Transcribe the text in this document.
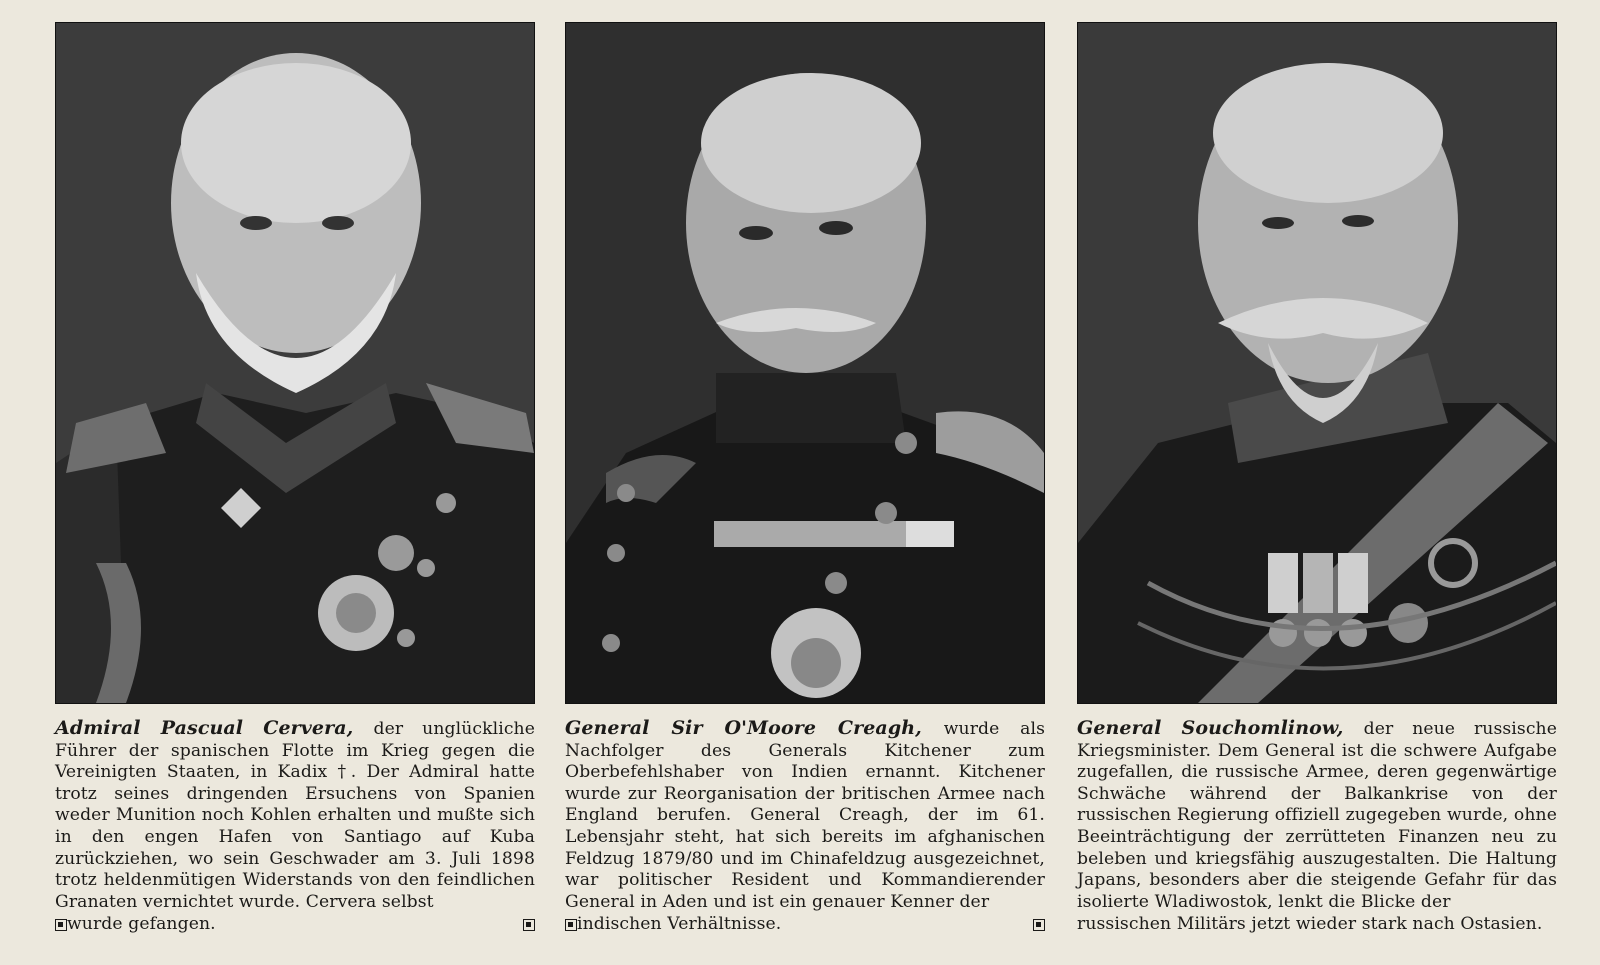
Admiral Pascual Cervera, der unglückliche Führer der spanischen Flotte im Krieg gegen die Vereinigten Staaten, in Kadix †. Der Admiral hatte trotz seines dringenden Ersuchens von Spanien weder Munition noch Kohlen erhalten und mußte sich in den engen Hafen von Santiago auf Kuba zurückziehen, wo sein Geschwader am 3. Juli 1898 trotz heldenmütigen Widerstands von den feindlichen Granaten vernichtet wurde. Cervera selbst
wurde gefangen.
General Sir O'Moore Creagh, wurde als Nachfolger des Generals Kitchener zum Oberbefehlshaber von Indien ernannt. Kitchener wurde zur Reorganisation der britischen Armee nach England berufen. General Creagh, der im 61. Lebensjahr steht, hat sich bereits im afghanischen Feldzug 1879/80 und im Chinafeldzug ausgezeichnet, war politischer Resident und Kommandierender General in Aden und ist ein genauer Kenner der
indischen Verhältnisse.
General Souchomlinow, der neue russische Kriegsminister. Dem General ist die schwere Aufgabe zugefallen, die russische Armee, deren gegenwärtige Schwäche während der Balkankrise von der russischen Regierung offiziell zugegeben wurde, ohne Beeinträchtigung der zerrütteten Finanzen neu zu beleben und kriegsfähig auszugestalten. Die Haltung Japans, besonders aber die steigende Gefahr für das isolierte Wladiwostok, lenkt die Blicke der
russischen Militärs jetzt wieder stark nach Ostasien.
